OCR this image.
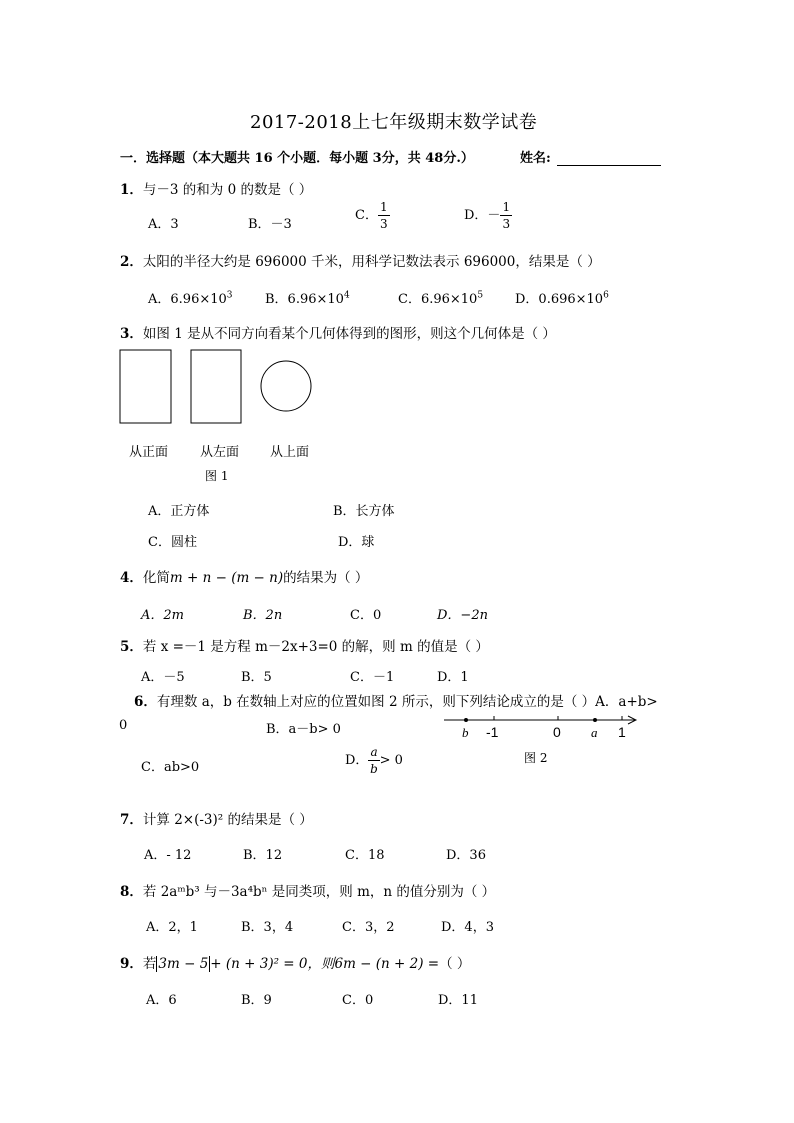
2017-2018上七年级期末数学试卷
一．选择题（本大题共 16 个小题．每小题 3分，共 48分.）	姓名:
1．与－3 的和为 0 的数是（ ）
A．3	B．－3
C． $\frac{1}{3}$	D．－ $\frac{1}{3}$
2．太阳的半径大约是 696000 千米，用科学记数法表示 696000，结果是（ ）
A．$6.96\times 10^3$ B．$6.96\times 10^4$	C．$6.96\times 10^5$ D．$0.696\times 10^6$
3．如图 1 是从不同方向看某个几何体得到的图形，则这个几何体是（ ）
从正面 从左面 从上面
图 1
A．正方体	B．长方体
C．圆柱	D．球
4．化简m + n − (m − n)的结果为（ ）
A．2m	B．2n	C．0	D．−2n
5．若 x =－1 是方程 m－2x+3=0 的解，则 m 的值是（ ）
A．－5	B．5	C．－1	D．1
6．有理数 a，b 在数轴上对应的位置如图 2 所示，则下列结论成立的是（ ）A．a+b>
0	B．a－b> 0	b -1	0 a 1
图 2
C．ab>0	D． $\frac{a}{b} > 0$
7．计算 2×(-3)² 的结果是（ ）
A．- 12	B．12	C．18	D．36
8．若 2aᵐb³ 与－3a⁴bⁿ 是同类项，则 m，n 的值分别为（ ）
A．2，1	B．3，4	C．3，2	D．4，3
9．若 3m − 5 + (n + 3)² = 0，则6m − (n + 2) =（ ）
A．6	B．9	C．0	D．11
